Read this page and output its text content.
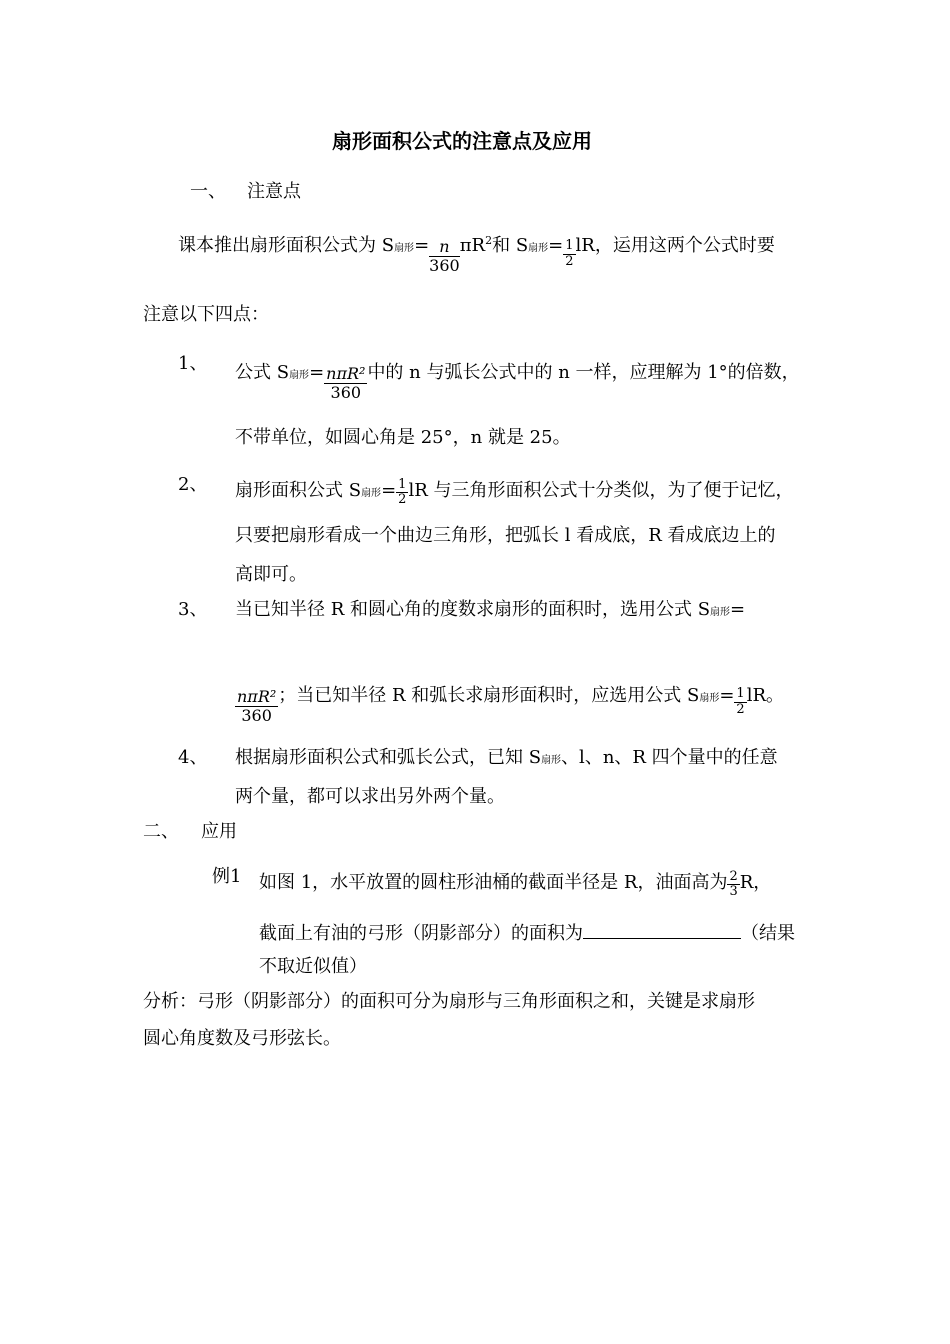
扇形面积公式的注意点及应用
一、 注意点
课本推出扇形面积公式为 S扇形= $\frac{n}{360} \pi R^2$和 S扇形= $\frac{1}{2}$ lR，运用这两个公式时要
注意以下四点：
1、 公式 S扇形= $\frac{\text{nπR²}}{360}$ 中的 n 与弧长公式中的 n 一样，应理解为 1°的倍数，
不带单位，如圆心角是 25°，n 就是 25。
2、 扇形面积公式 S扇形= $\frac{1}{2}$ lR 与三角形面积公式十分类似，为了便于记忆，
只要把扇形看成一个曲边三角形，把弧长 l 看成底，R 看成底边上的
高即可。
3、 当已知半径 R 和圆心角的度数求扇形的面积时，选用公式 S扇形=
$\frac{\text{nπR²}}{360}$ ；当已知半径 R 和弧长求扇形面积时，应选用公式 S扇形= $\frac{1}{2}$ lR。
4、 根据扇形面积公式和弧长公式，已知 S扇形、l、n、R 四个量中的任意
两个量，都可以求出另外两个量。
二、 应用
例1 如图 1，水平放置的圆柱形油桶的截面半径是 R，油面高为 $\frac{2}{3}$ R，
截面上有油的弓形（阴影部分）的面积为	（结果
不取近似值）
分析：弓形（阴影部分）的面积可分为扇形与三角形面积之和，关键是求扇形
圆心角度数及弓形弦长。
